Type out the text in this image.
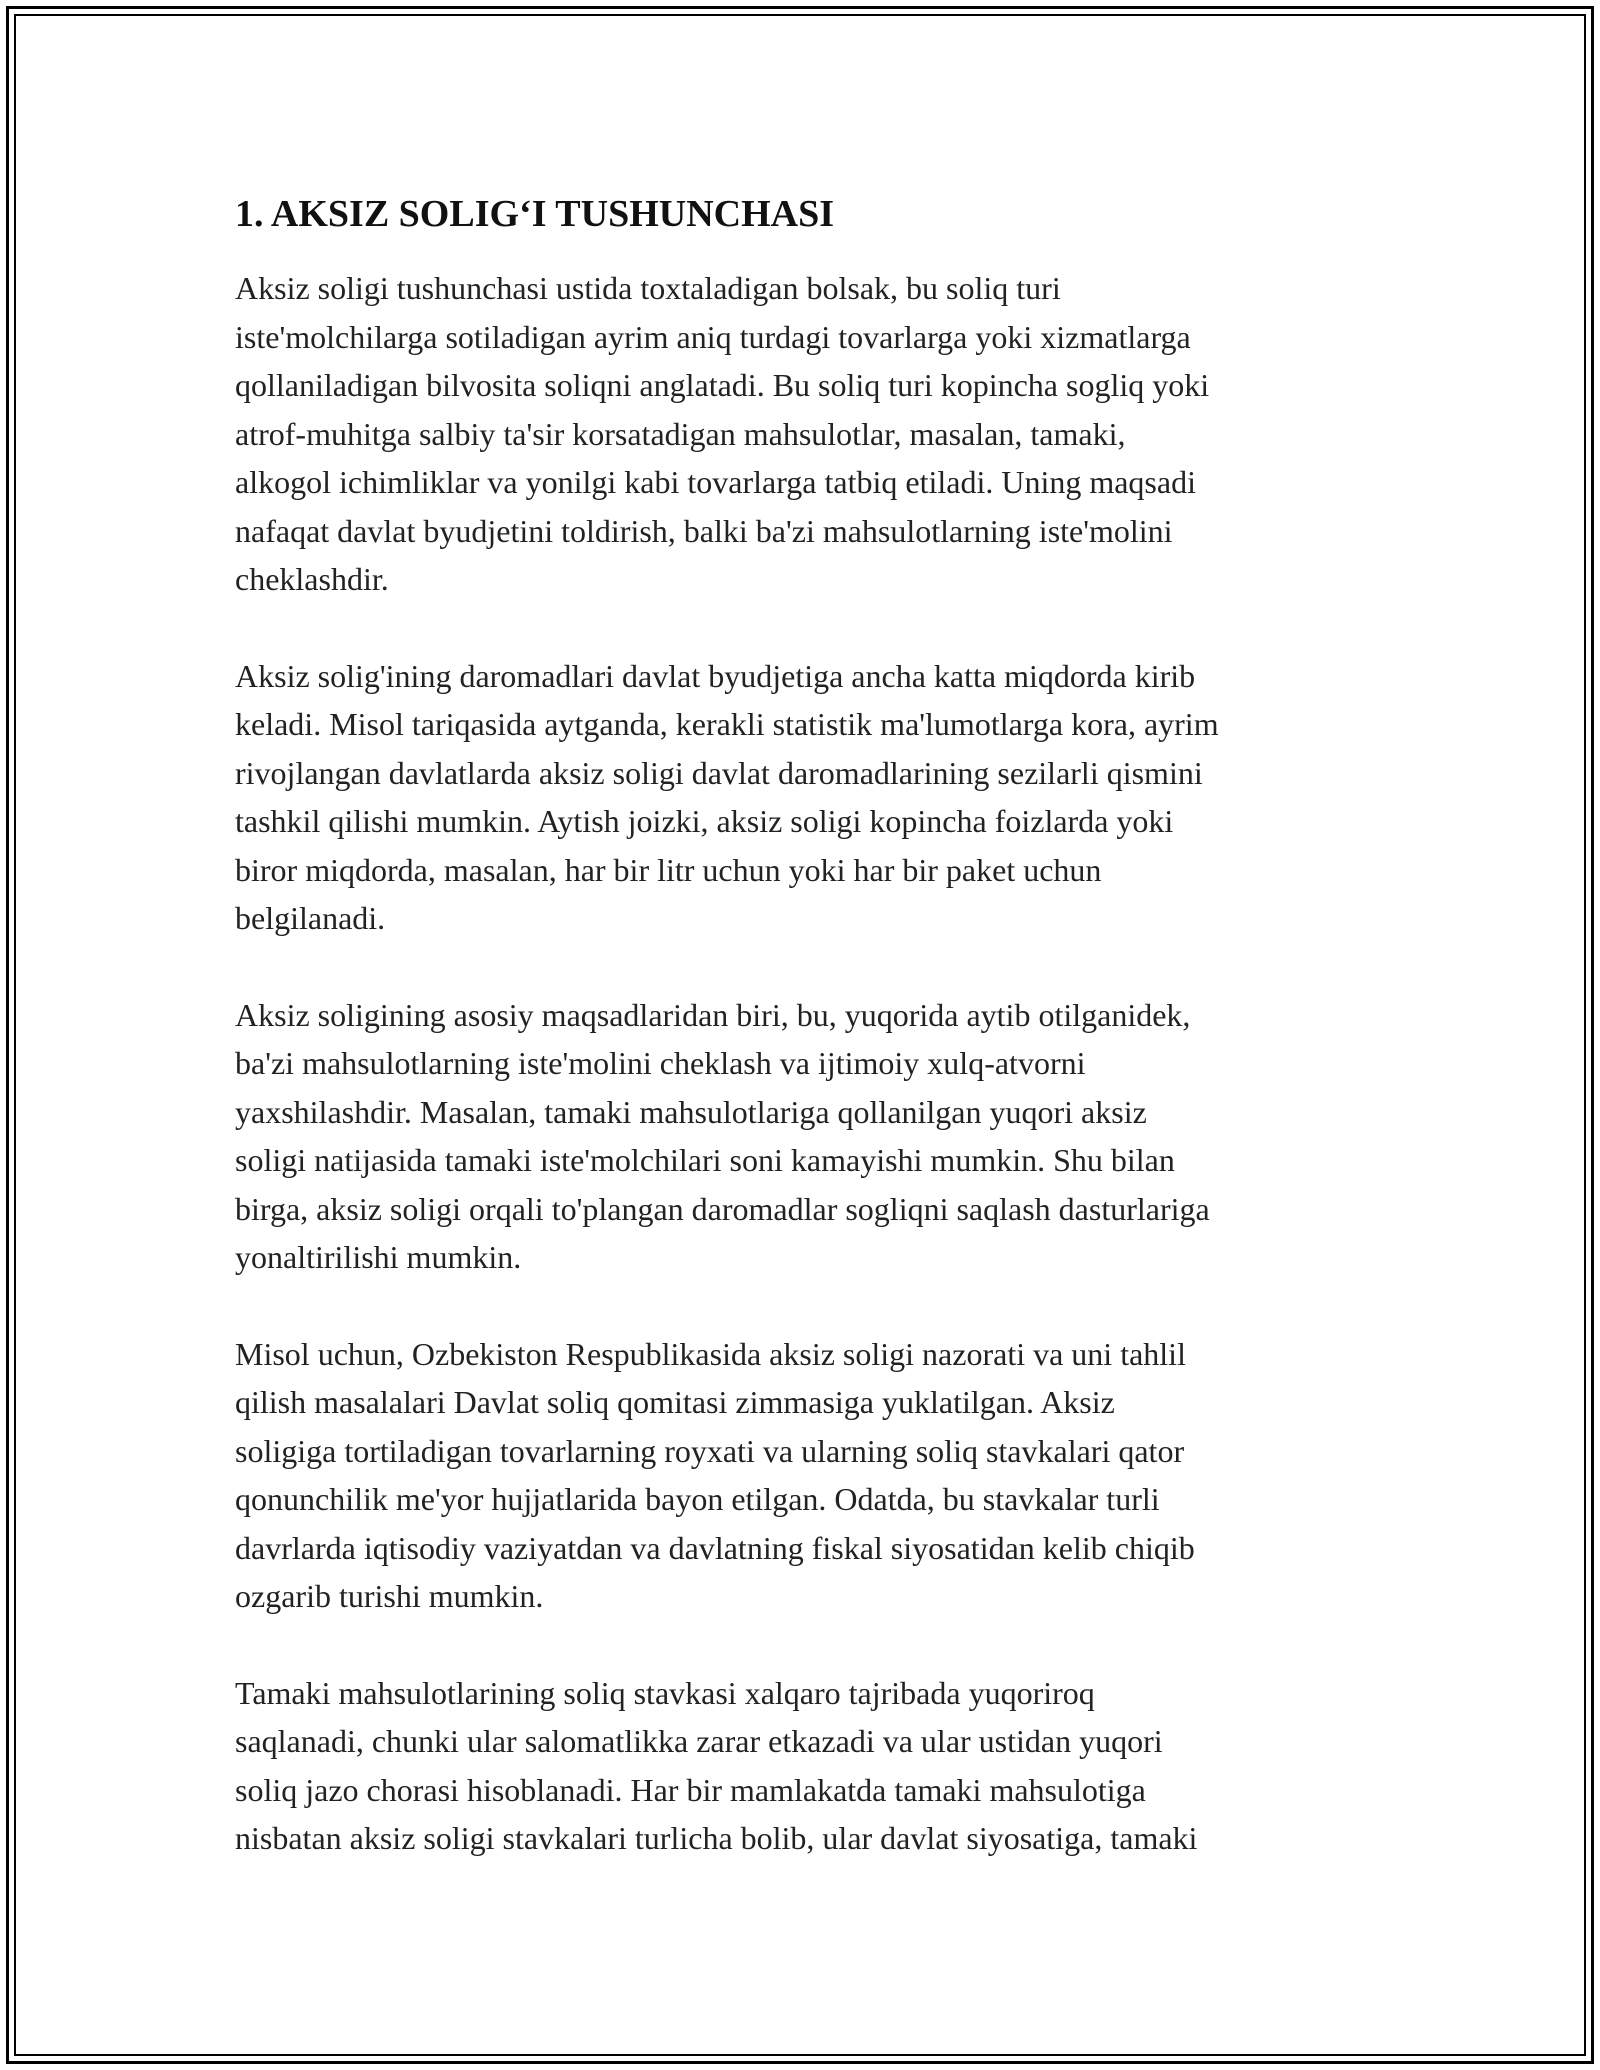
1. AKSIZ SOLIG‘I TUSHUNCHASI

Aksiz soligi tushunchasi ustida toxtaladigan bolsak, bu soliq turi
iste'molchilarga sotiladigan ayrim aniq turdagi tovarlarga yoki xizmatlarga
qollaniladigan bilvosita soliqni anglatadi. Bu soliq turi kopincha sogliq yoki
atrof-muhitga salbiy ta'sir korsatadigan mahsulotlar, masalan, tamaki,
alkogol ichimliklar va yonilgi kabi tovarlarga tatbiq etiladi. Uning maqsadi
nafaqat davlat byudjetini toldirish, balki ba'zi mahsulotlarning iste'molini
cheklashdir.

Aksiz solig'ining daromadlari davlat byudjetiga ancha katta miqdorda kirib
keladi. Misol tariqasida aytganda, kerakli statistik ma'lumotlarga kora, ayrim
rivojlangan davlatlarda aksiz soligi davlat daromadlarining sezilarli qismini
tashkil qilishi mumkin. Aytish joizki, aksiz soligi kopincha foizlarda yoki
biror miqdorda, masalan, har bir litr uchun yoki har bir paket uchun
belgilanadi.

Aksiz soligining asosiy maqsadlaridan biri, bu, yuqorida aytib otilganidek,
ba'zi mahsulotlarning iste'molini cheklash va ijtimoiy xulq-atvorni
yaxshilashdir. Masalan, tamaki mahsulotlariga qollanilgan yuqori aksiz
soligi natijasida tamaki iste'molchilari soni kamayishi mumkin. Shu bilan
birga, aksiz soligi orqali to'plangan daromadlar sogliqni saqlash dasturlariga
yonaltirilishi mumkin.

Misol uchun, Ozbekiston Respublikasida aksiz soligi nazorati va uni tahlil
qilish masalalari Davlat soliq qomitasi zimmasiga yuklatilgan. Aksiz
soligiga tortiladigan tovarlarning royxati va ularning soliq stavkalari qator
qonunchilik me'yor hujjatlarida bayon etilgan. Odatda, bu stavkalar turli
davrlarda iqtisodiy vaziyatdan va davlatning fiskal siyosatidan kelib chiqib
ozgarib turishi mumkin.

Tamaki mahsulotlarining soliq stavkasi xalqaro tajribada yuqoriroq
saqlanadi, chunki ular salomatlikka zarar etkazadi va ular ustidan yuqori
soliq jazo chorasi hisoblanadi. Har bir mamlakatda tamaki mahsulotiga
nisbatan aksiz soligi stavkalari turlicha bolib, ular davlat siyosatiga, tamaki
